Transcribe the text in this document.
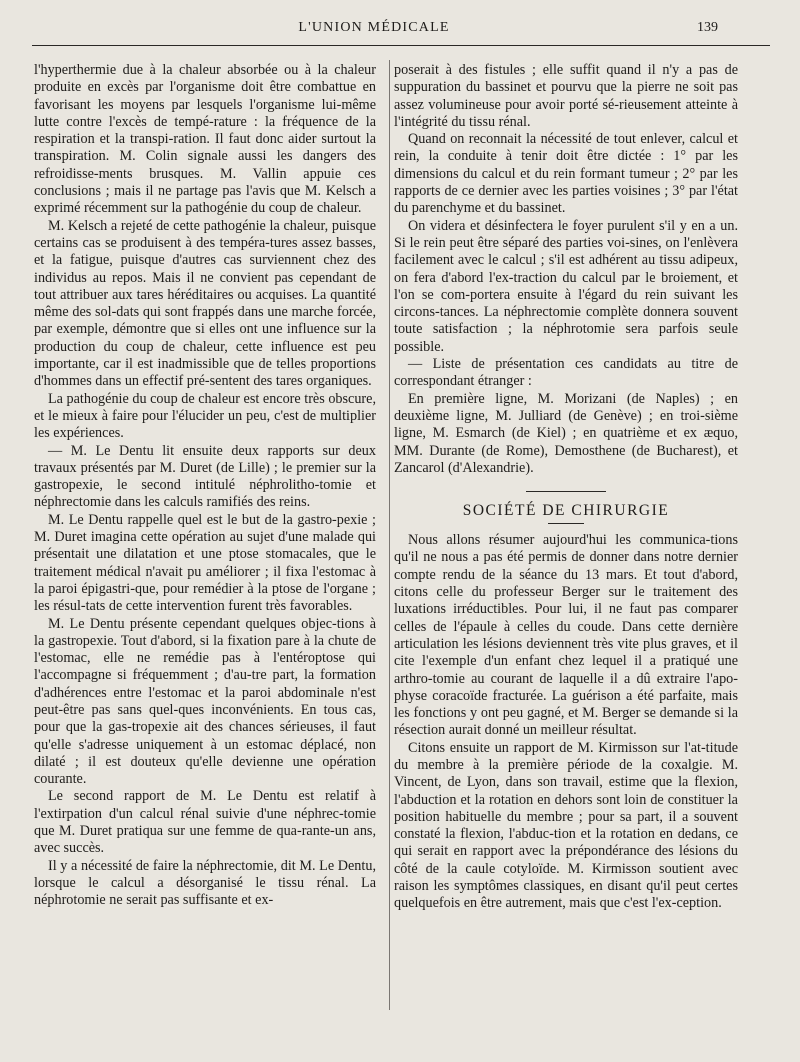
L'UNION MÉDICALE	139

l'hyperthermie due à la chaleur absorbée ou à la chaleur produite en excès par l'organisme doit être combattue en favorisant les moyens par lesquels l'organisme lui-même lutte contre l'excès de tempé-rature : la fréquence de la respiration et la transpi-ration. Il faut donc aider surtout la transpiration. M. Colin signale aussi les dangers des refroidisse-ments brusques. M. Vallin appuie ces conclusions ; mais il ne partage pas l'avis que M. Kelsch a exprimé récemment sur la pathogénie du coup de chaleur.

M. Kelsch a rejeté de cette pathogénie la chaleur, puisque certains cas se produisent à des tempéra-tures assez basses, et la fatigue, puisque d'autres cas surviennent chez des individus au repos. Mais il ne convient pas cependant de tout attribuer aux tares héréditaires ou acquises. La quantité même des sol-dats qui sont frappés dans une marche forcée, par exemple, démontre que si elles ont une influence sur la production du coup de chaleur, cette influence est peu importante, car il est inadmissible que de telles proportions d'hommes dans un effectif pré-sentent des tares organiques.

La pathogénie du coup de chaleur est encore très obscure, et le mieux à faire pour l'élucider un peu, c'est de multiplier les expériences.

— M. Le Dentu lit ensuite deux rapports sur deux travaux présentés par M. Duret (de Lille) ; le premier sur la gastropexie, le second intitulé néphrolitho-tomie et néphrectomie dans les calculs ramifiés des reins.

M. Le Dentu rappelle quel est le but de la gastro-pexie ; M. Duret imagina cette opération au sujet d'une malade qui présentait une dilatation et une ptose stomacales, que le traitement médical n'avait pu améliorer ; il fixa l'estomac à la paroi épigastri-que, pour remédier à la ptose de l'organe ; les résul-tats de cette intervention furent très favorables.

M. Le Dentu présente cependant quelques objec-tions à la gastropexie. Tout d'abord, si la fixation pare à la chute de l'estomac, elle ne remédie pas à l'entéroptose qui l'accompagne si fréquemment ; d'au-tre part, la formation d'adhérences entre l'estomac et la paroi abdominale n'est peut-être pas sans quel-ques inconvénients. En tous cas, pour que la gas-tropexie ait des chances sérieuses, il faut qu'elle s'adresse uniquement à un estomac déplacé, non dilaté ; il est douteux qu'elle devienne une opération courante.

Le second rapport de M. Le Dentu est relatif à l'extirpation d'un calcul rénal suivie d'une néphrec-tomie que M. Duret pratiqua sur une femme de qua-rante-un ans, avec succès.

Il y a nécessité de faire la néphrectomie, dit M. Le Dentu, lorsque le calcul a désorganisé le tissu rénal. La néphrotomie ne serait pas suffisante et ex-

poserait à des fistules ; elle suffit quand il n'y a pas de suppuration du bassinet et pourvu que la pierre ne soit pas assez volumineuse pour avoir porté sé-rieusement atteinte à l'intégrité du tissu rénal.

Quand on reconnait la nécessité de tout enlever, calcul et rein, la conduite à tenir doit être dictée : 1° par les dimensions du calcul et du rein formant tumeur ; 2° par les rapports de ce dernier avec les parties voisines ; 3° par l'état du parenchyme et du bassinet.

On videra et désinfectera le foyer purulent s'il y en a un. Si le rein peut être séparé des parties voi-sines, on l'enlèvera facilement avec le calcul ; s'il est adhérent au tissu adipeux, on fera d'abord l'ex-traction du calcul par le broiement, et l'on se com-portera ensuite à l'égard du rein suivant les circons-tances. La néphrectomie complète donnera souvent toute satisfaction ; la néphrotomie sera parfois seule possible.

— Liste de présentation ces candidats au titre de correspondant étranger :

En première ligne, M. Morizani (de Naples) ; en deuxième ligne, M. Julliard (de Genève) ; en troi-sième ligne, M. Esmarch (de Kiel) ; en quatrième et ex æquo, MM. Durante (de Rome), Demosthene (de Bucharest), et Zancarol (d'Alexandrie).

SOCIÉTÉ DE CHIRURGIE

Nous allons résumer aujourd'hui les communica-tions qu'il ne nous a pas été permis de donner dans notre dernier compte rendu de la séance du 13 mars. Et tout d'abord, citons celle du professeur Berger sur le traitement des luxations irréductibles. Pour lui, il ne faut pas comparer celles de l'épaule à celles du coude. Dans cette dernière articulation les lésions deviennent très vite plus graves, et il cite l'exemple d'un enfant chez lequel il a pratiqué une arthro-tomie au courant de laquelle il a dû extraire l'apo-physe coracoïde fracturée. La guérison a été parfaite, mais les fonctions y ont peu gagné, et M. Berger se demande si la résection aurait donné un meilleur résultat.

Citons ensuite un rapport de M. Kirmisson sur l'at-titude du membre à la première période de la coxalgie. M. Vincent, de Lyon, dans son travail, estime que la flexion, l'abduction et la rotation en dehors sont loin de constituer la position habituelle du membre ; pour sa part, il a souvent constaté la flexion, l'abduc-tion et la rotation en dedans, ce qui serait en rapport avec la prépondérance des lésions du côté de la caule cotyloïde. M. Kirmisson soutient avec raison les symptômes classiques, en disant qu'il peut certes quelquefois en être autrement, mais que c'est l'ex-ception.
